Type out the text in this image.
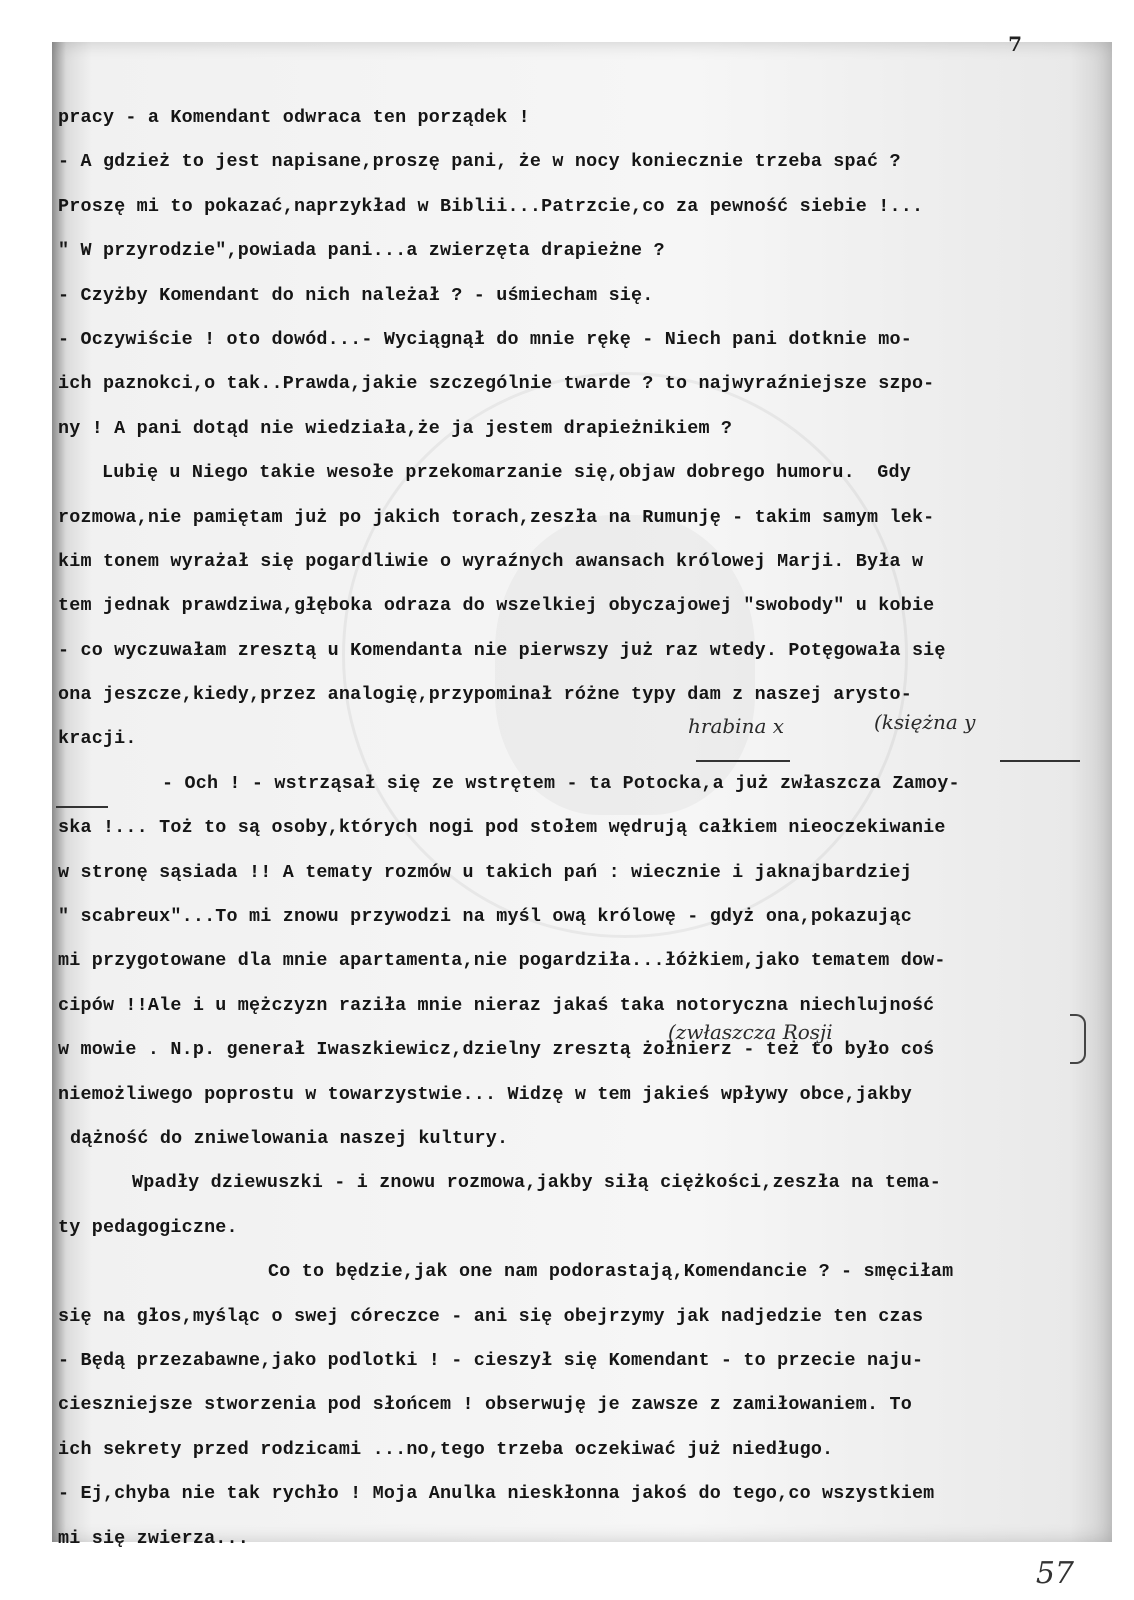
7
pracy - a Komendant odwraca ten porządek !
- A gdzież to jest napisane,proszę pani, że w nocy koniecznie trzeba spać ?
Proszę mi to pokazać,naprzykład w Biblii...Patrzcie,co za pewność siebie !...
" W przyrodzie",powiada pani...a zwierzęta drapieżne ?
- Czyżby Komendant do nich należał ? - uśmiecham się.
- Oczywiście ! oto dowód...- Wyciągnął do mnie rękę - Niech pani dotknie mo-
ich paznokci,o tak..Prawda,jakie szczególnie twarde ? to najwyraźniejsze szpo-
ny ! A pani dotąd nie wiedziała,że ja jestem drapieżnikiem ?
Lubię u Niego takie wesołe przekomarzanie się,objaw dobrego humoru.  Gdy
rozmowa,nie pamiętam już po jakich torach,zeszła na Rumunję - takim samym lek-
kim tonem wyrażał się pogardliwie o wyraźnych awansach królowej Marji. Była w
tem jednak prawdziwa,głęboka odraza do wszelkiej obyczajowej "swobody" u kobie
- co wyczuwałam zresztą u Komendanta nie pierwszy już raz wtedy. Potęgowała się
ona jeszcze,kiedy,przez analogię,przypominał różne typy dam z naszej arysto-
kracji.
- Och ! - wstrząsał się ze wstrętem - ta Potocka,a już zwłaszcza Zamoy-
ska !... Toż to są osoby,których nogi pod stołem wędrują całkiem nieoczekiwanie
w stronę sąsiada !! A tematy rozmów u takich pań : wiecznie i jaknajbardziej
" scabreux"...To mi znowu przywodzi na myśl ową królowę - gdyż ona,pokazując
mi przygotowane dla mnie apartamenta,nie pogardziła...łóżkiem,jako tematem dow-
cipów !!Ale i u mężczyzn raziła mnie nieraz jakaś taka notoryczna niechlujność
w mowie . N.p. generał Iwaszkiewicz,dzielny zresztą żołnierz - też to było coś
niemożliwego poprostu w towarzystwie... Widzę w tem jakieś wpływy obce,jakby
dążność do zniwelowania naszej kultury.
Wpadły dziewuszki - i znowu rozmowa,jakby siłą ciężkości,zeszła na tema-
ty pedagogiczne.
Co to będzie,jak one nam podorastają,Komendancie ? - smęciłam
się na głos,myśląc o swej córeczce - ani się obejrzymy jak nadjedzie ten czas
- Będą przezabawne,jako podlotki ! - cieszył się Komendant - to przecie naju-
cieszniejsze stworzenia pod słońcem ! obserwuję je zawsze z zamiłowaniem. To
ich sekrety przed rodzicami ...no,tego trzeba oczekiwać już niedługo.
- Ej,chyba nie tak rychło ! Moja Anulka nieskłonna jakoś do tego,co wszystkiem
mi się zwierza...
hrabina x	(księżna y
(zwłaszcza Rosji
57
